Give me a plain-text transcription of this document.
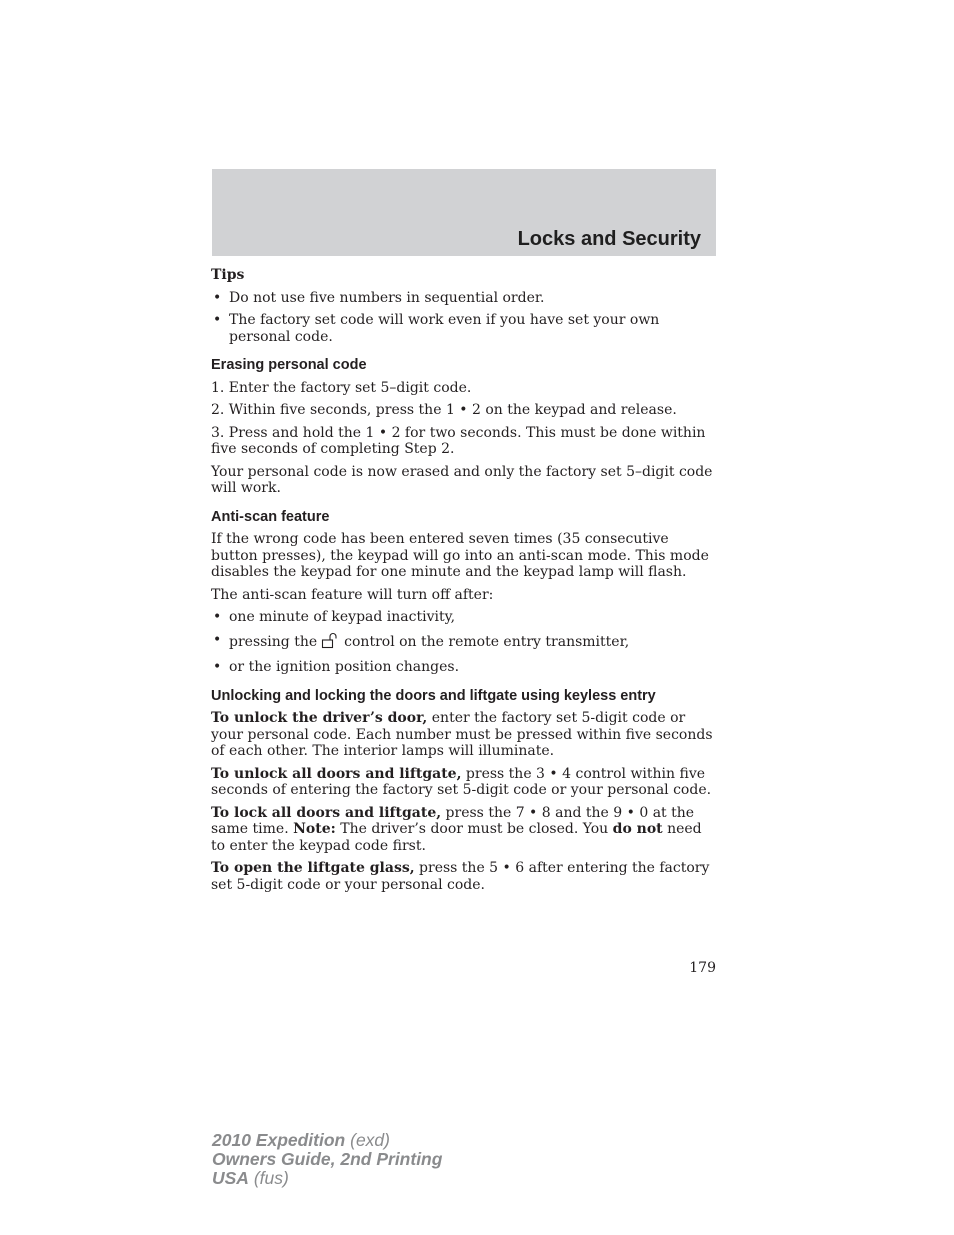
Locks and Security
Tips
• Do not use five numbers in sequential order.
• The factory set code will work even if you have set your own personal code.
Erasing personal code

1. Enter the factory set 5–digit code.

2. Within five seconds, press the 1 • 2 on the keypad and release.

3. Press and hold the 1 • 2 for two seconds. This must be done within five seconds of completing Step 2.

Your personal code is now erased and only the factory set 5–digit code will work.

Anti-scan feature

If the wrong code has been entered seven times (35 consecutive button presses), the keypad will go into an anti-scan mode. This mode disables the keypad for one minute and the keypad lamp will flash.

The anti-scan feature will turn off after:

• one minute of keypad inactivity,
• pressing the control on the remote entry transmitter,
• or the ignition position changes.
Unlocking and locking the doors and liftgate using keyless entry

To unlock the driver’s door, enter the factory set 5-digit code or your personal code. Each number must be pressed within five seconds of each other. The interior lamps will illuminate.

To unlock all doors and liftgate, press the 3 • 4 control within five seconds of entering the factory set 5-digit code or your personal code.

To lock all doors and liftgate, press the 7 • 8 and the 9 • 0 at the same time. Note: The driver’s door must be closed. You do not need to enter the keypad code first.

To open the liftgate glass, press the 5 • 6 after entering the factory set 5-digit code or your personal code.

179
2010 Expedition (exd)
Owners Guide, 2nd Printing
USA (fus)
